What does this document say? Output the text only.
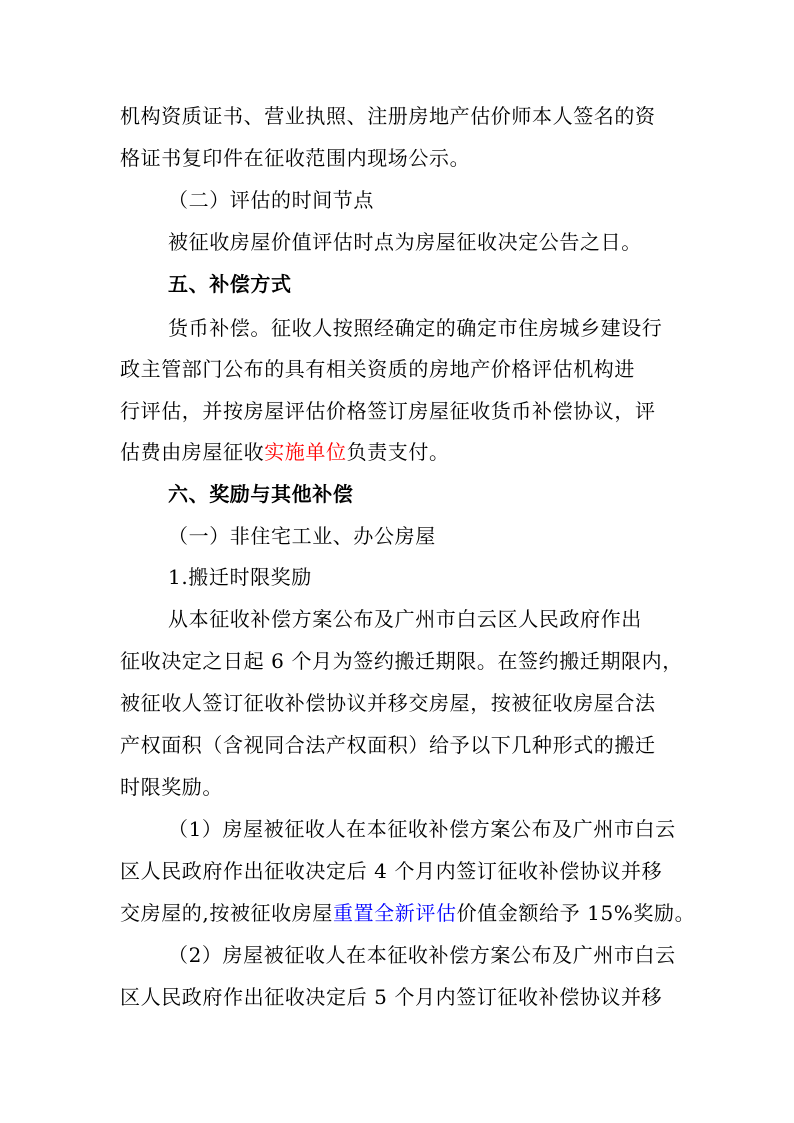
机构资质证书、营业执照、注册房地产估价师本人签名的资
格证书复印件在征收范围内现场公示。
（二）评估的时间节点
被征收房屋价值评估时点为房屋征收决定公告之日。
五、补偿方式
货币补偿。征收人按照经确定的确定市住房城乡建设行
政主管部门公布的具有相关资质的房地产价格评估机构进
行评估，并按房屋评估价格签订房屋征收货币补偿协议，评
估费由房屋征收实施单位负责支付。
六、奖励与其他补偿
（一）非住宅工业、办公房屋
1.搬迁时限奖励
从本征收补偿方案公布及广州市白云区人民政府作出
征收决定之日起 6 个月为签约搬迁期限。在签约搬迁期限内，
被征收人签订征收补偿协议并移交房屋，按被征收房屋合法
产权面积（含视同合法产权面积）给予以下几种形式的搬迁
时限奖励。
（1）房屋被征收人在本征收补偿方案公布及广州市白云
区人民政府作出征收决定后 4 个月内签订征收补偿协议并移
交房屋的,按被征收房屋重置全新评估价值金额给予 15%奖励。
（2）房屋被征收人在本征收补偿方案公布及广州市白云
区人民政府作出征收决定后 5 个月内签订征收补偿协议并移
